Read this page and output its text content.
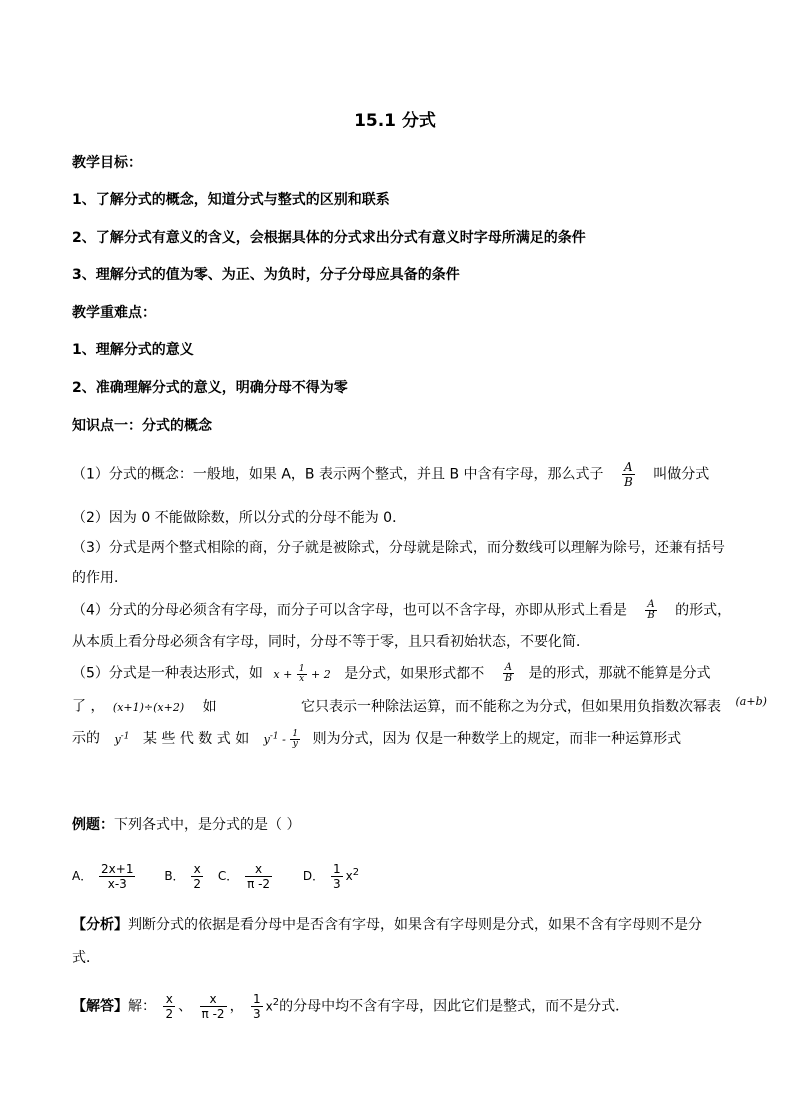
15.1 分式
教学目标：
1、了解分式的概念，知道分式与整式的区别和联系
2、了解分式有意义的含义，会根据具体的分式求出分式有意义时字母所满足的条件
3、理解分式的值为零、为正、为负时，分子分母应具备的条件
教学重难点：
1、理解分式的意义
2、准确理解分式的意义，明确分母不得为零
知识点一：分式的概念
（1）分式的概念：一般地，如果 A，B 表示两个整式，并且 B 中含有字母，那么式子 $\frac{A}{B}$ 叫做分式
（2）因为 0 不能做除数，所以分式的分母不能为 0．
（3）分式是两个整式相除的商，分子就是被除式，分母就是除式，而分数线可以理解为除号，还兼有括号
的作用．
（4）分式的分母必须含有字母，而分子可以含字母，也可以不含字母，亦即从形式上看是 $\frac{A}{B}$ 的形式，
从本质上看分母必须含有字母，同时，分母不等于零，且只看初始状态，不要化简．
（5）分式是一种表达形式，如 $x + \frac{1}{x} + 2$ 是分式，如果形式都不 $\frac{A}{B}$ 是的形式，那就不能算是分式
了 ， (x+1)÷(x+2) 如	它只表示一种除法运算，而不能称之为分式，但如果用负指数次幂表 $^{(a+b)}$
示的 $y^{-1}$ 某 些 代 数 式 如 $y^{-1} - \frac{1}{y}$ 则为分式，因为 仅是一种数学上的规定，而非一种运算形式
例题：下列各式中，是分式的是（ ）
A． $\frac{2x+1}{x-3}$ B． $\frac{x}{2}$ C． $\frac{x}{\pi -2}$	D． $\frac{1}{3} x^2$
【分析】判断分式的依据是看分母中是否含有字母，如果含有字母则是分式，如果不含有字母则不是分
式．
【解答】解： $\frac{x}{2}$ 、 $\frac{x}{\pi -2}$ ， $\frac{1}{3} x^2$的分母中均不含有字母，因此它们是整式，而不是分式．
